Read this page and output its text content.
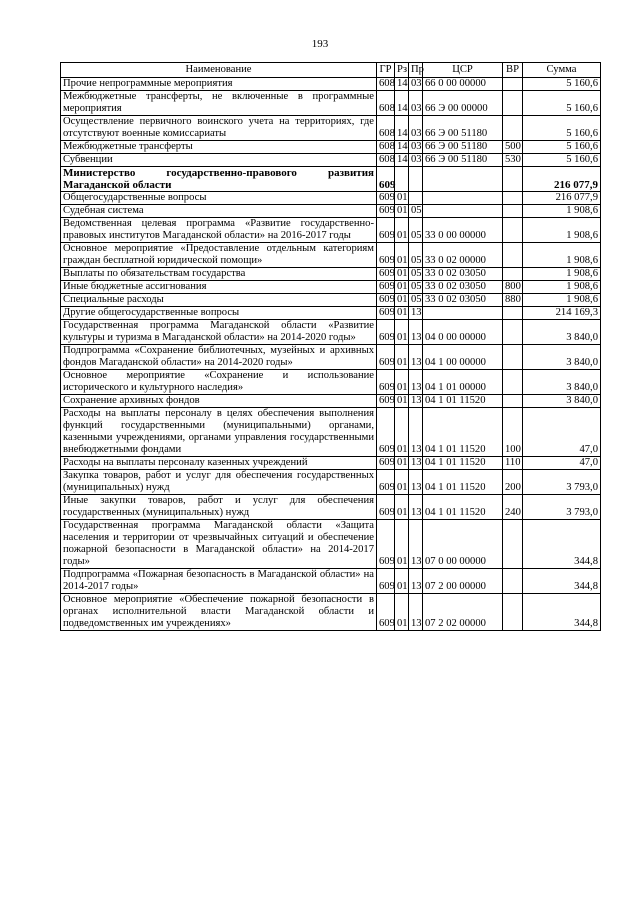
193
Наименование	ГР	Рз	Пр	ЦСР	ВР	Сумма
Прочие непрограммные мероприятия	608	14	03	66 0 00 00000		5 160,6
Межбюджетные трансферты, не включенные в программные мероприятия	608	14	03	66 Э 00 00000		5 160,6
Осуществление первичного воинского учета на территориях, где отсутствуют военные комиссариаты	608	14	03	66 Э 00 51180		5 160,6
Межбюджетные трансферты	608	14	03	66 Э 00 51180	500	5 160,6
Субвенции	608	14	03	66 Э 00 51180	530	5 160,6
Министерство государственно-правового развития Магаданской области	609					216 077,9
Общегосударственные вопросы	609	01				216 077,9
Судебная система	609	01	05			1 908,6
Ведомственная целевая программа «Развитие государственно-правовых институтов Магаданской области» на 2016-2017 годы	609	01	05	33 0 00 00000		1 908,6
Основное мероприятие «Предоставление отдельным категориям граждан бесплатной юридической помощи»	609	01	05	33 0 02 00000		1 908,6
Выплаты по обязательствам государства	609	01	05	33 0 02 03050		1 908,6
Иные бюджетные ассигнования	609	01	05	33 0 02 03050	800	1 908,6
Специальные расходы	609	01	05	33 0 02 03050	880	1 908,6
Другие общегосударственные вопросы	609	01	13			214 169,3
Государственная программа Магаданской области «Развитие культуры и туризма в Магаданской области» на 2014-2020 годы»	609	01	13	04 0 00 00000		3 840,0
Подпрограмма «Сохранение библиотечных, музейных и архивных фондов Магаданской области» на 2014-2020 годы»	609	01	13	04 1 00 00000		3 840,0
Основное мероприятие «Сохранение и использование исторического и культурного наследия»	609	01	13	04 1 01 00000		3 840,0
Сохранение архивных фондов	609	01	13	04 1 01 11520		3 840,0
Расходы на выплаты персоналу в целях обеспечения выполнения функций государственными (муниципальными) органами, казенными учреждениями, органами управления государственными внебюджетными фондами	609	01	13	04 1 01 11520	100	47,0
Расходы на выплаты персоналу казенных учреждений	609	01	13	04 1 01 11520	110	47,0
Закупка товаров, работ и услуг для обеспечения государственных (муниципальных) нужд	609	01	13	04 1 01 11520	200	3 793,0
Иные закупки товаров, работ и услуг для обеспечения государственных (муниципальных) нужд	609	01	13	04 1 01 11520	240	3 793,0
Государственная программа Магаданской области «Защита населения и территории от чрезвычайных ситуаций и обеспечение пожарной безопасности в Магаданской области» на 2014-2017 годы»	609	01	13	07 0 00 00000		344,8
Подпрограмма «Пожарная безопасность в Магаданской области» на 2014-2017 годы»	609	01	13	07 2 00 00000		344,8
Основное мероприятие «Обеспечение пожарной безопасности в органах исполнительной власти Магаданской области и подведомственных им учреждениях»	609	01	13	07 2 02 00000		344,8
